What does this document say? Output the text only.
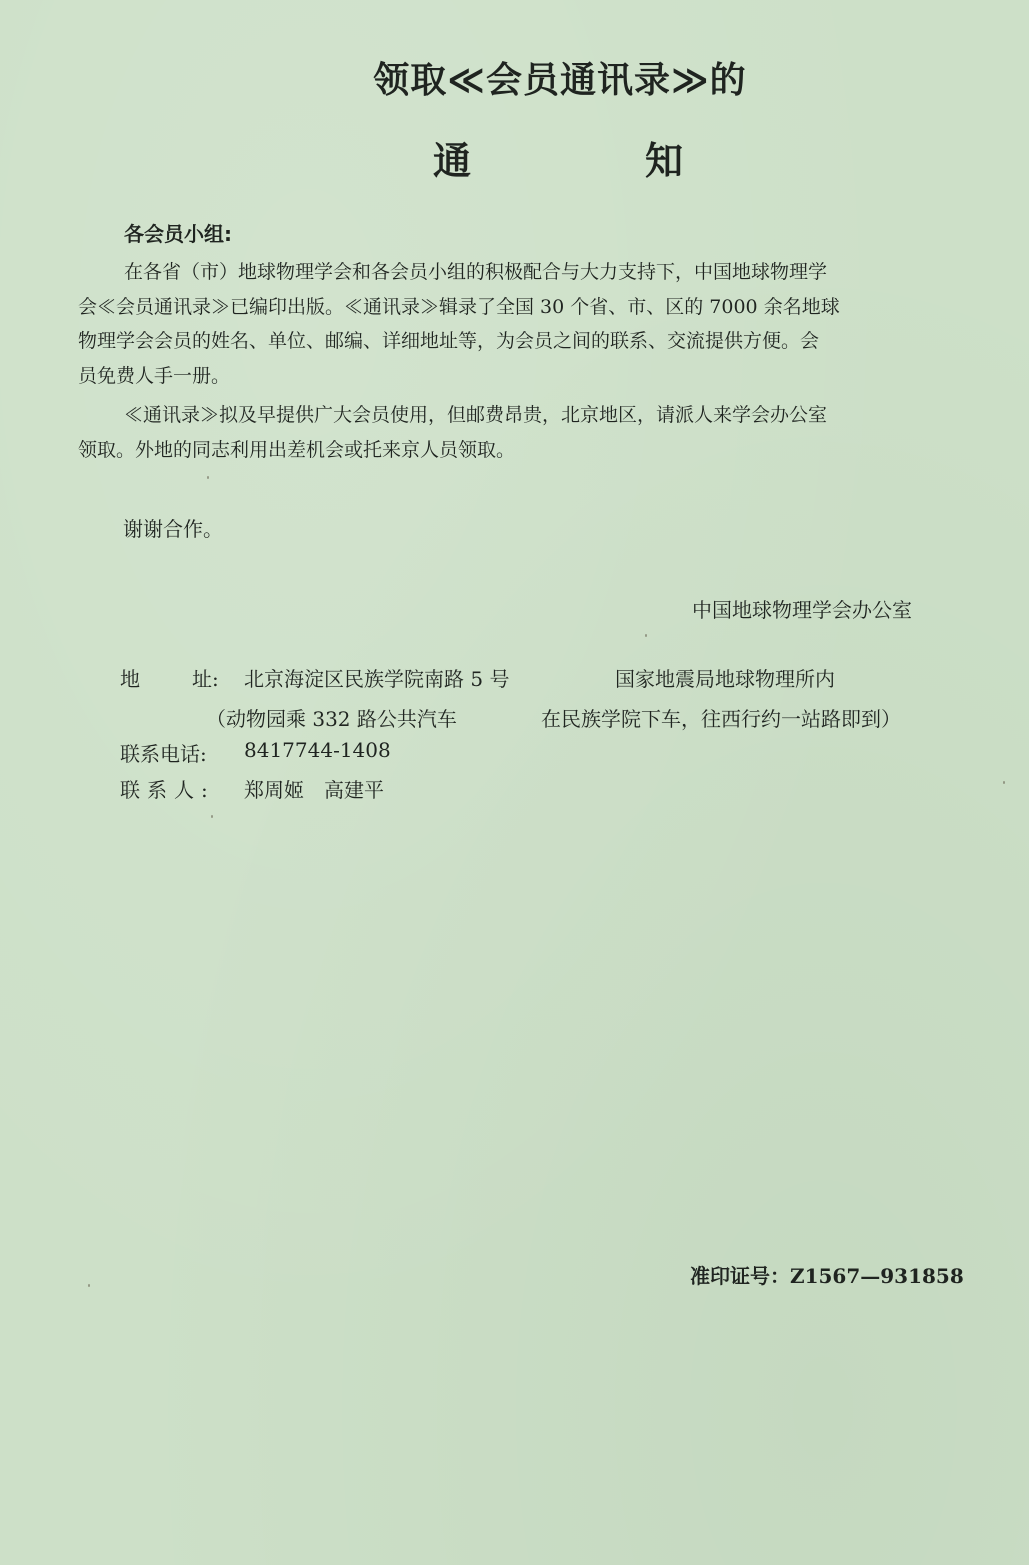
领取≪会员通讯录≫的
通	知
各会员小组:
在各省（市）地球物理学会和各会员小组的积极配合与大力支持下，中国地球物理学
会≪会员通讯录≫已编印出版。≪通讯录≫辑录了全国 30 个省、市、区的 7000 余名地球
物理学会会员的姓名、单位、邮编、详细地址等，为会员之间的联系、交流提供方便。会
员免费人手一册。
≪通讯录≫拟及早提供广大会员使用，但邮费昂贵，北京地区，请派人来学会办公室
领取。外地的同志利用出差机会或托来京人员领取。
谢谢合作。
中国地球物理学会办公室
地	址: 北京海淀区民族学院南路 5 号	国家地震局地球物理所内
（动物园乘 332 路公共汽车	在民族学院下车，往西行约一站路即到）
联系电话: 8417744-1408
联系人: 郑周姬　高建平
准印证号：Z1567—931858
